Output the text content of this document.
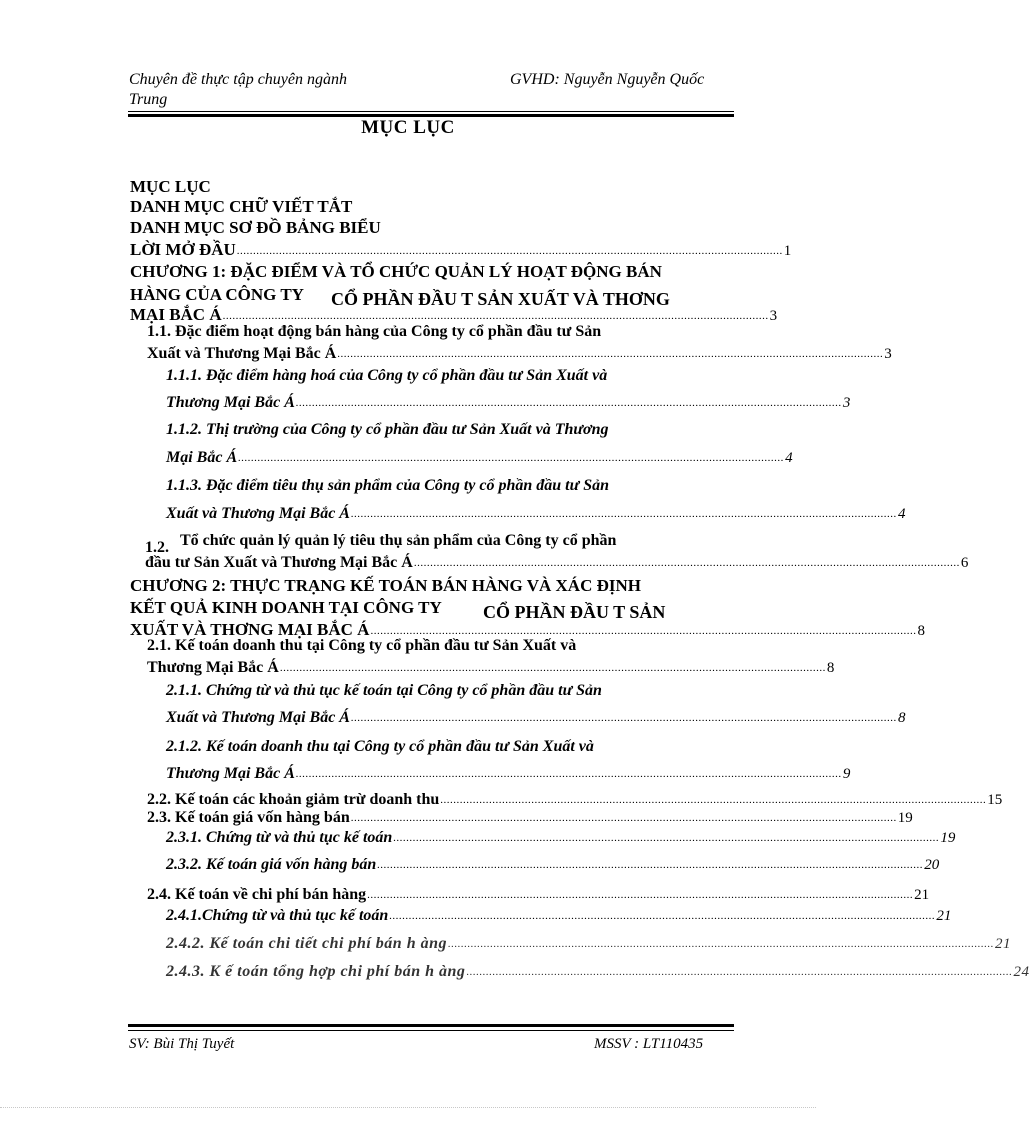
Chuyên đề thực tập chuyên ngành
Trung
GVHD: Nguyễn Nguyễn Quốc
MỤC LỤC
MỤC LỤC
DANH MỤC CHỮ VIẾT TẮT
DANH MỤC SƠ ĐỒ BẢNG BIỂU
LỜI MỞ ĐẦU ........................................................................................................................................................................ 1
CHƯƠNG 1: ĐẶC ĐIỂM VÀ TỔ CHỨC QUẢN LÝ HOẠT ĐỘNG BÁN
HÀNG CỦA CÔNG TY CỔ PHẦN ĐẦU T SẢN XUẤT VÀ THƠNG
MẠI BẮC Á ........................................................................................................................................................................ 3
1.1. Đặc điểm hoạt động bán hàng của Công ty cổ phần đầu tư Sản
Xuất và Thương Mại Bắc Á ........................................................................................................................................................................ 3
1.1.1. Đặc điểm hàng hoá của Công ty cổ phần đầu tư Sản Xuất và
Thương Mại Bắc Á ........................................................................................................................................................................ 3
1.1.2. Thị trường của Công ty cổ phần đầu tư Sản Xuất và Thương
Mại Bắc Á ........................................................................................................................................................................ 4
1.1.3. Đặc điểm tiêu thụ sản phẩm của Công ty cổ phần đầu tư Sản
Xuất và Thương Mại Bắc Á ........................................................................................................................................................................ 4
1.2. Tổ chức quản lý quản lý tiêu thụ sản phẩm của Công ty cổ phần
đầu tư Sản Xuất và Thương Mại Bắc Á ........................................................................................................................................................................ 6
CHƯƠNG 2: THỰC TRẠNG KẾ TOÁN BÁN HÀNG VÀ XÁC ĐỊNH
KẾT QUẢ KINH DOANH TẠI CÔNG TY CỔ PHẦN ĐẦU T SẢN
XUẤT VÀ THƠNG MẠI BẮC Á ........................................................................................................................................................................ 8
2.1. Kế toán doanh thu tại Công ty cổ phần đầu tư Sản Xuất và
Thương Mại Bắc Á ........................................................................................................................................................................ 8
2.1.1. Chứng từ và thủ tục kế toán tại Công ty cổ phần đầu tư Sản
Xuất và Thương Mại Bắc Á ........................................................................................................................................................................ 8
2.1.2. Kế toán doanh thu tại Công ty cổ phần đầu tư Sản Xuất và
Thương Mại Bắc Á ........................................................................................................................................................................ 9
2.2. Kế toán các khoản giảm trừ doanh thu ........................................................................................................................................................................ 15
2.3. Kế toán giá vốn hàng bán ........................................................................................................................................................................ 19
2.3.1. Chứng từ và thủ tục kế toán ........................................................................................................................................................................ 19
2.3.2. Kế toán giá vốn hàng bán ........................................................................................................................................................................ 20
2.4. Kế toán về chi phí bán hàng ........................................................................................................................................................................ 21
2.4.1.Chứng từ và thủ tục kế toán ........................................................................................................................................................................ 21
2.4.2. Kế toán chi tiết chi phí bán h àng ........................................................................................................................................................................ 21
2.4.3. K ế toán tổng hợp chi phí bán h àng ........................................................................................................................................................................ 24
SV: Bùi Thị Tuyết	MSSV : LT110435
